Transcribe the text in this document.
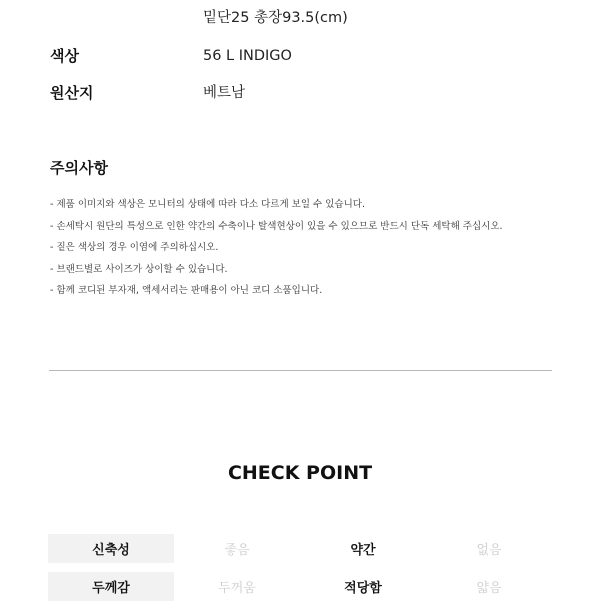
밑단25 총장93.5(cm)
색상	56 L INDIGO
원산지	베트남
주의사항
- 제품 이미지와 색상은 모니터의 상태에 따라 다소 다르게 보일 수 있습니다.
- 손세탁시 원단의 특성으로 인한 약간의 수축이나 탈색현상이 있을 수 있으므로 반드시 단독 세탁해 주십시오.
- 짙은 색상의 경우 이염에 주의하십시오.
- 브랜드별로 사이즈가 상이할 수 있습니다.
- 함께 코디된 부자재, 액세서리는 판매용이 아닌 코디 소품입니다.
CHECK POINT
신축성	좋음	약간	없음
두께감	두꺼움	적당함	얇음
